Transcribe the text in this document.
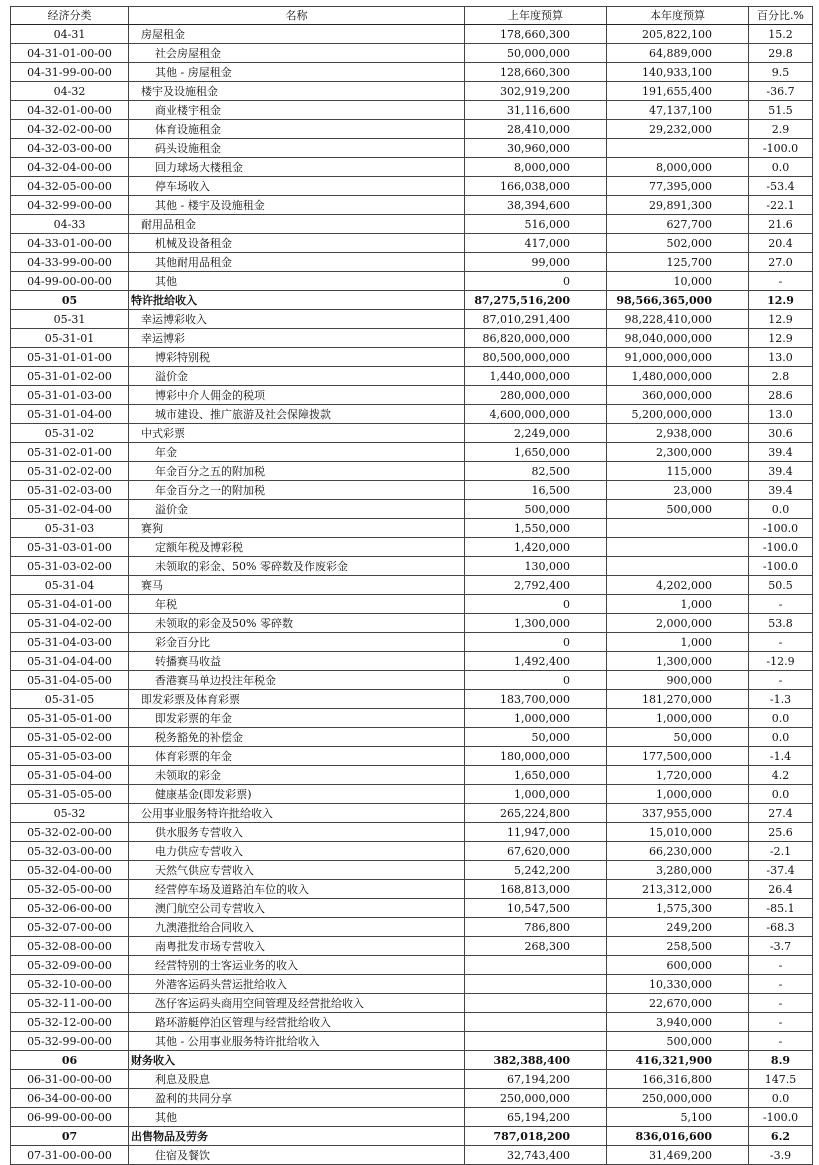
经济分类	名称	上年度预算	本年度预算	百分比.%
04-31	房屋租金	178,660,300	205,822,100	15.2
04-31-01-00-00	社会房屋租金	50,000,000	64,889,000	29.8
04-31-99-00-00	其他 - 房屋租金	128,660,300	140,933,100	9.5
04-32	楼宇及设施租金	302,919,200	191,655,400	-36.7
04-32-01-00-00	商业楼宇租金	31,116,600	47,137,100	51.5
04-32-02-00-00	体育设施租金	28,410,000	29,232,000	2.9
04-32-03-00-00	码头设施租金	30,960,000		-100.0
04-32-04-00-00	回力球场大楼租金	8,000,000	8,000,000	0.0
04-32-05-00-00	停车场收入	166,038,000	77,395,000	-53.4
04-32-99-00-00	其他 - 楼宇及设施租金	38,394,600	29,891,300	-22.1
04-33	耐用品租金	516,000	627,700	21.6
04-33-01-00-00	机械及设备租金	417,000	502,000	20.4
04-33-99-00-00	其他耐用品租金	99,000	125,700	27.0
04-99-00-00-00	其他	0	10,000	-
05	特许批给收入	87,275,516,200	98,566,365,000	12.9
05-31	幸运博彩收入	87,010,291,400	98,228,410,000	12.9
05-31-01	幸运博彩	86,820,000,000	98,040,000,000	12.9
05-31-01-01-00	博彩特别税	80,500,000,000	91,000,000,000	13.0
05-31-01-02-00	溢价金	1,440,000,000	1,480,000,000	2.8
05-31-01-03-00	博彩中介人佣金的税项	280,000,000	360,000,000	28.6
05-31-01-04-00	城市建设、推广旅游及社会保障拨款	4,600,000,000	5,200,000,000	13.0
05-31-02	中式彩票	2,249,000	2,938,000	30.6
05-31-02-01-00	年金	1,650,000	2,300,000	39.4
05-31-02-02-00	年金百分之五的附加税	82,500	115,000	39.4
05-31-02-03-00	年金百分之一的附加税	16,500	23,000	39.4
05-31-02-04-00	溢价金	500,000	500,000	0.0
05-31-03	赛狗	1,550,000		-100.0
05-31-03-01-00	定额年税及博彩税	1,420,000		-100.0
05-31-03-02-00	未领取的彩金、50% 零碎数及作废彩金	130,000		-100.0
05-31-04	赛马	2,792,400	4,202,000	50.5
05-31-04-01-00	年税	0	1,000	-
05-31-04-02-00	未领取的彩金及50% 零碎数	1,300,000	2,000,000	53.8
05-31-04-03-00	彩金百分比	0	1,000	-
05-31-04-04-00	转播赛马收益	1,492,400	1,300,000	-12.9
05-31-04-05-00	香港赛马单边投注年税金	0	900,000	-
05-31-05	即发彩票及体育彩票	183,700,000	181,270,000	-1.3
05-31-05-01-00	即发彩票的年金	1,000,000	1,000,000	0.0
05-31-05-02-00	税务豁免的补偿金	50,000	50,000	0.0
05-31-05-03-00	体育彩票的年金	180,000,000	177,500,000	-1.4
05-31-05-04-00	未领取的彩金	1,650,000	1,720,000	4.2
05-31-05-05-00	健康基金(即发彩票)	1,000,000	1,000,000	0.0
05-32	公用事业服务特许批给收入	265,224,800	337,955,000	27.4
05-32-02-00-00	供水服务专营收入	11,947,000	15,010,000	25.6
05-32-03-00-00	电力供应专营收入	67,620,000	66,230,000	-2.1
05-32-04-00-00	天然气供应专营收入	5,242,200	3,280,000	-37.4
05-32-05-00-00	经营停车场及道路泊车位的收入	168,813,000	213,312,000	26.4
05-32-06-00-00	澳门航空公司专营收入	10,547,500	1,575,300	-85.1
05-32-07-00-00	九澳港批给合同收入	786,800	249,200	-68.3
05-32-08-00-00	南粤批发市场专营收入	268,300	258,500	-3.7
05-32-09-00-00	经营特别的士客运业务的收入		600,000	-
05-32-10-00-00	外港客运码头营运批给收入		10,330,000	-
05-32-11-00-00	氹仔客运码头商用空间管理及经营批给收入		22,670,000	-
05-32-12-00-00	路环游艇停泊区管理与经营批给收入		3,940,000	-
05-32-99-00-00	其他 - 公用事业服务特许批给收入		500,000	-
06	财务收入	382,388,400	416,321,900	8.9
06-31-00-00-00	利息及股息	67,194,200	166,316,800	147.5
06-34-00-00-00	盈利的共同分享	250,000,000	250,000,000	0.0
06-99-00-00-00	其他	65,194,200	5,100	-100.0
07	出售物品及劳务	787,018,200	836,016,600	6.2
07-31-00-00-00	住宿及餐饮	32,743,400	31,469,200	-3.9
